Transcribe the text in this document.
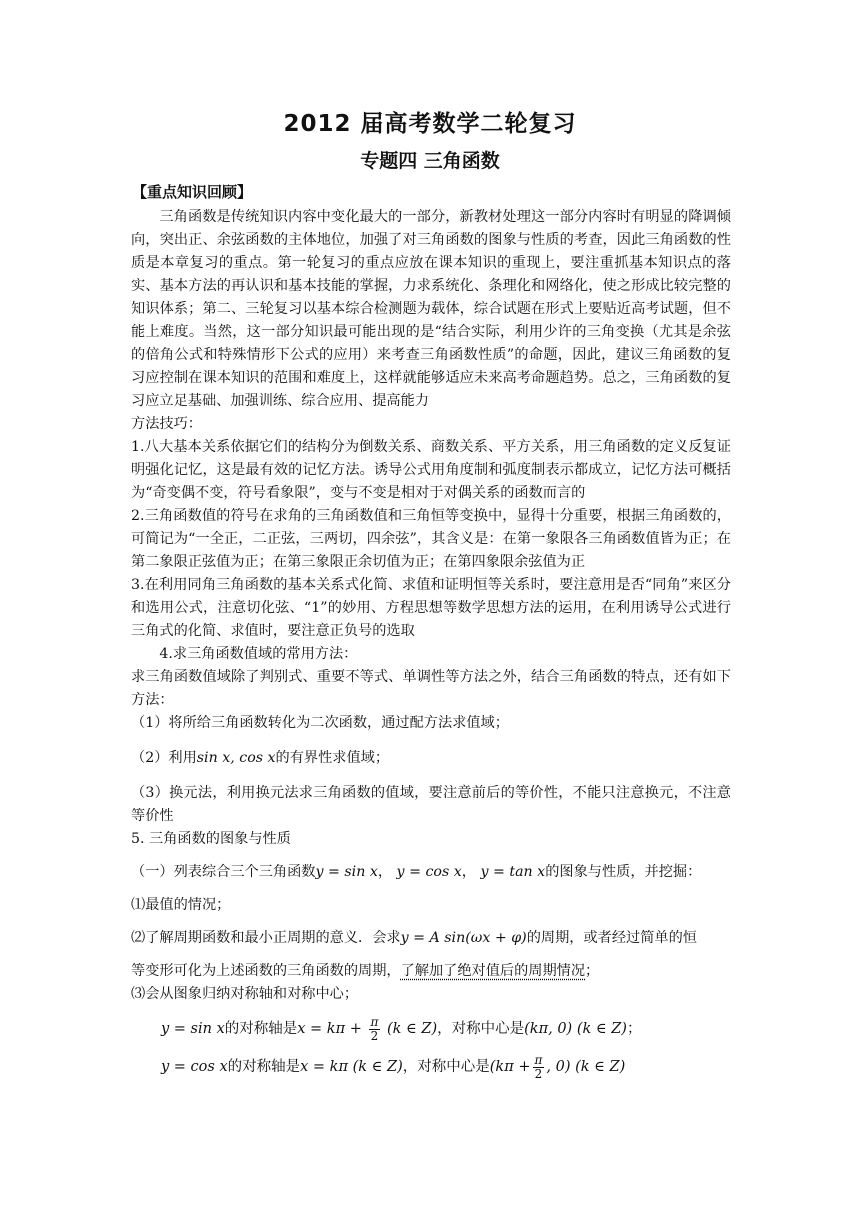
2012 届高考数学二轮复习
专题四 三角函数
【重点知识回顾】

三角函数是传统知识内容中变化最大的一部分，新教材处理这一部分内容时有明显的降调倾向，突出正、余弦函数的主体地位，加强了对三角函数的图象与性质的考查，因此三角函数的性质是本章复习的重点。第一轮复习的重点应放在课本知识的重现上，要注重抓基本知识点的落实、基本方法的再认识和基本技能的掌握，力求系统化、条理化和网络化，使之形成比较完整的知识体系；第二、三轮复习以基本综合检测题为载体，综合试题在形式上要贴近高考试题，但不能上难度。当然，这一部分知识最可能出现的是“结合实际，利用少许的三角变换（尤其是余弦的倍角公式和特殊情形下公式的应用）来考查三角函数性质”的命题，因此，建议三角函数的复习应控制在课本知识的范围和难度上，这样就能够适应未来高考命题趋势。总之，三角函数的复习应立足基础、加强训练、综合应用、提高能力

方法技巧：

1.八大基本关系依据它们的结构分为倒数关系、商数关系、平方关系，用三角函数的定义反复证明强化记忆，这是最有效的记忆方法。诱导公式用角度制和弧度制表示都成立，记忆方法可概括为“奇变偶不变，符号看象限”，变与不变是相对于对偶关系的函数而言的

2.三角函数值的符号在求角的三角函数值和三角恒等变换中，显得十分重要，根据三角函数的，可简记为“一全正，二正弦，三两切，四余弦”，其含义是：在第一象限各三角函数值皆为正；在第二象限正弦值为正；在第三象限正余切值为正；在第四象限余弦值为正

3.在利用同角三角函数的基本关系式化简、求值和证明恒等关系时，要注意用是否“同角”来区分和选用公式，注意切化弦、“1”的妙用、方程思想等数学思想方法的运用，在利用诱导公式进行三角式的化简、求值时，要注意正负号的选取

4.求三角函数值域的常用方法：

求三角函数值域除了判别式、重要不等式、单调性等方法之外，结合三角函数的特点，还有如下方法：

（1）将所给三角函数转化为二次函数，通过配方法求值域；

（2）利用sin x, cos x的有界性求值域；

（3）换元法，利用换元法求三角函数的值域，要注意前后的等价性，不能只注意换元，不注意等价性

5. 三角函数的图象与性质

（一）列表综合三个三角函数y = sin x， y = cos x， y = tan x的图象与性质，并挖掘：

⑴最值的情况；

⑵了解周期函数和最小正周期的意义．会求y = A sin(ωx + φ)的周期，或者经过简单的恒

等变形可化为上述函数的三角函数的周期，了解加了绝对值后的周期情况；

⑶会从图象归纳对称轴和对称中心；

y = sin x的对称轴是$x = k\pi + \frac{\pi}{2} (k$ ∈ Z)，对称中心是(kπ, 0) (k ∈ Z)；

y = cos x的对称轴是x = kπ (k ∈ Z)，对称中心是($k\pi + \frac{\pi}{2}$ , 0) (k ∈ Z)
